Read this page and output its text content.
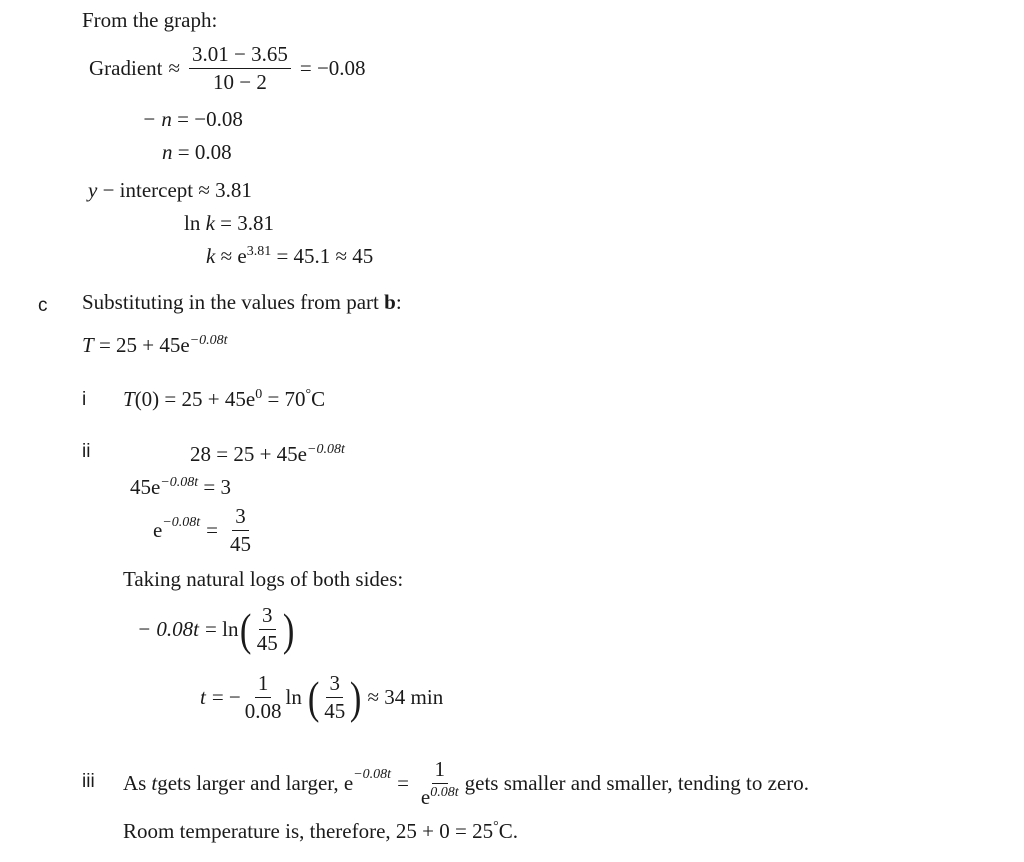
From the graph:
Gradient ≈ $\frac{3.01 - 3.65}{10 - 2} = -0.08$
− n = −0.08
n = 0.08
y − intercept ≈ 3.81
ln k = 3.81
$k \approx e^{3.81} = 45.1 \approx 45$
c Substituting in the values from part b:
$T = 25 + 45e^{-0.08t}$
i $T(0) = 25 + 45e^0 = 70^\circ C$
ii	$28 = 25 + 45e^{-0.08t}$
$45e^{-0.08t} = 3$
$e^{-0.08t} = \frac{3}{45}$
Taking natural logs of both sides:
− 0.08t = ln ( $\frac{3}{45}$ )
t = − $\frac{1}{0.08}$ ln ( $\frac{3}{45}$ ) ≈ 34 min
iii As t gets larger and larger, $e^{-0.08t} = \frac{1}{e^{0.08t}}$ gets smaller and smaller, tending to zero.
Room temperature is, therefore, 25 + 0 = 25°C.
